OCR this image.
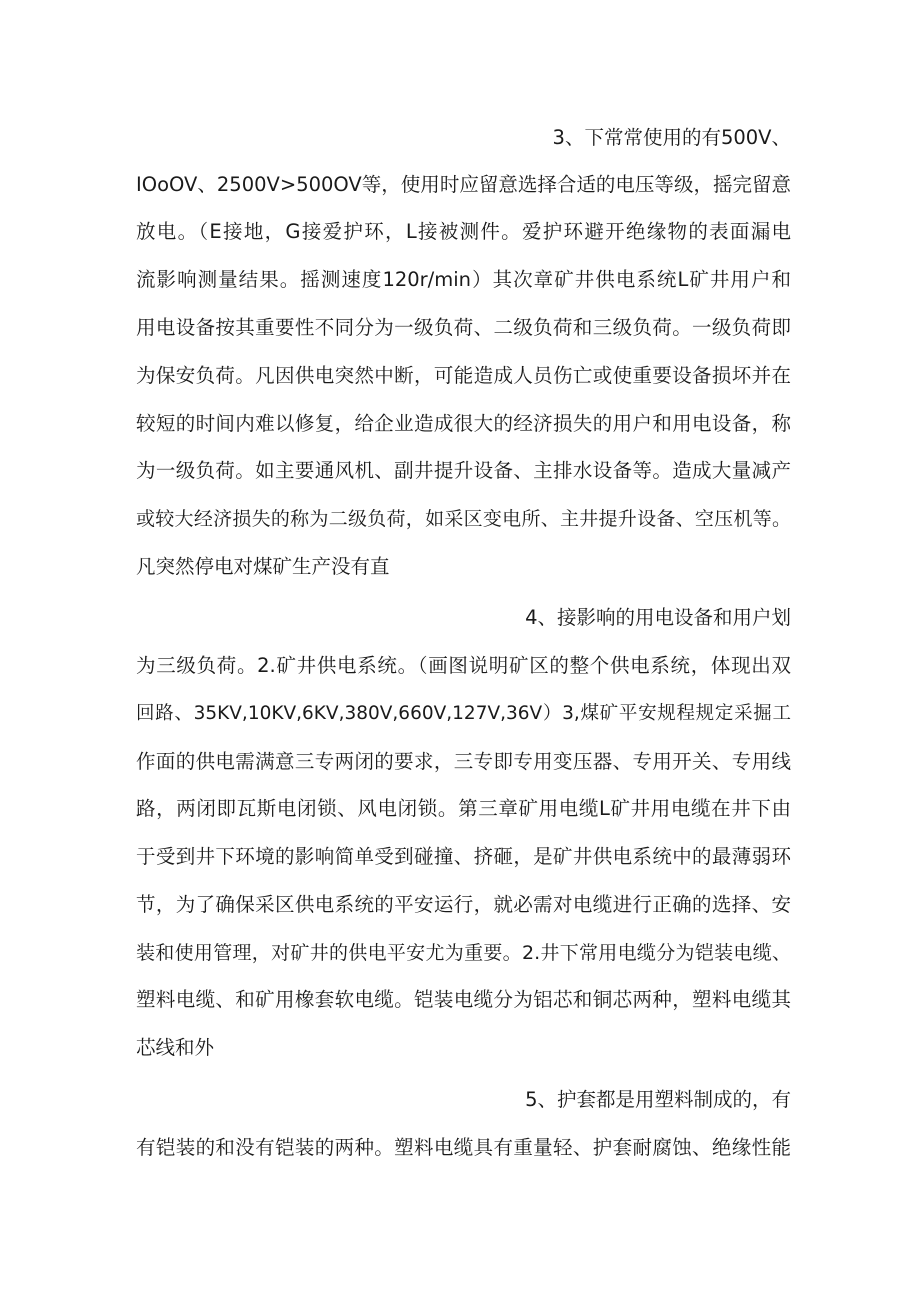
3、下常常使用的有500V、
IOoOV、2500V>500OV等，使用时应留意选择合适的电压等级，摇完留意
放电。（E接地，G接爱护环，L接被测件。爱护环避开绝缘物的表面漏电
流影响测量结果。摇测速度120r/min）其次章矿井供电系统L矿井用户和
用电设备按其重要性不同分为一级负荷、二级负荷和三级负荷。一级负荷即
为保安负荷。凡因供电突然中断，可能造成人员伤亡或使重要设备损坏并在
较短的时间内难以修复，给企业造成很大的经济损失的用户和用电设备，称
为一级负荷。如主要通风机、副井提升设备、主排水设备等。造成大量减产
或较大经济损失的称为二级负荷，如采区变电所、主井提升设备、空压机等。
凡突然停电对煤矿生产没有直
4、接影响的用电设备和用户划
为三级负荷。2.矿井供电系统。（画图说明矿区的整个供电系统，体现出双
回路、35KV,10KV,6KV,380V,660V,127V,36V）3,煤矿平安规程规定采掘工
作面的供电需满意三专两闭的要求，三专即专用变压器、专用开关、专用线
路，两闭即瓦斯电闭锁、风电闭锁。第三章矿用电缆L矿井用电缆在井下由
于受到井下环境的影响简单受到碰撞、挤砸，是矿井供电系统中的最薄弱环
节，为了确保采区供电系统的平安运行，就必需对电缆进行正确的选择、安
装和使用管理，对矿井的供电平安尤为重要。2.井下常用电缆分为铠装电缆、
塑料电缆、和矿用橡套软电缆。铠装电缆分为铝芯和铜芯两种，塑料电缆其
芯线和外
5、护套都是用塑料制成的，有
有铠装的和没有铠装的两种。塑料电缆具有重量轻、护套耐腐蚀、绝缘性能
